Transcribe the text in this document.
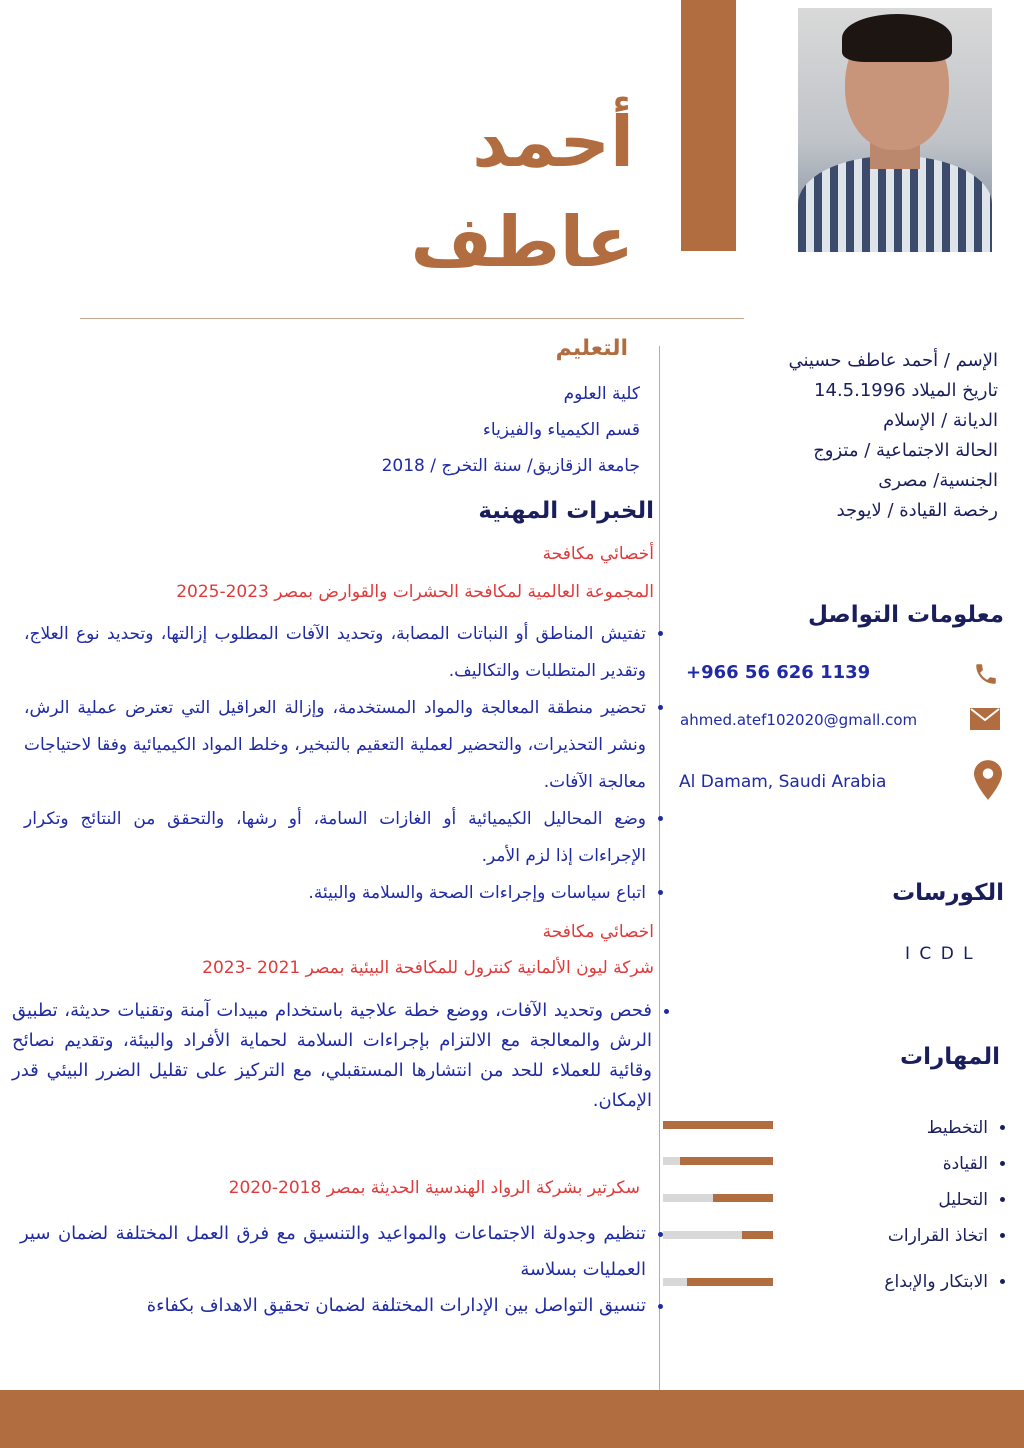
أحمد عاطف
الإسم / أحمد عاطف حسيني
تاريخ الميلاد 14.5.1996
الديانة / الإسلام
الحالة الاجتماعية / متزوج
الجنسية/ مصرى
رخصة القيادة / لايوجد
معلومات التواصل
+966 56 626 1139
ahmed.atef102020@gmall.com
Al Damam, Saudi Arabia
الكورسات
I C D L
المهارات
• التخطيط
• القيادة
• التحليل
• اتخاذ القرارات
• الابتكار والإبداع
التعليم
كلية العلوم
قسم الكيمياء والفيزياء
جامعة الزقازيق/ سنة التخرج / 2018
الخبرات المهنية
أخصائي مكافحة
المجموعة العالمية لمكافحة الحشرات والقوارض بمصر 2023-2025
• تفتيش المناطق أو النباتات المصابة، وتحديد الآفات المطلوب إزالتها، وتحديد نوع العلاج، وتقدير المتطلبات والتكاليف.
• تحضير منطقة المعالجة والمواد المستخدمة، وإزالة العراقيل التي تعترض عملية الرش، ونشر التحذيرات، والتحضير لعملية التعقيم بالتبخير، وخلط المواد الكيميائية وفقا لاحتياجات معالجة الآفات.
• وضع المحاليل الكيميائية أو الغازات السامة، أو رشها، والتحقق من النتائج وتكرار الإجراءات إذا لزم الأمر.
• اتباع سياسات وإجراءات الصحة والسلامة والبيئة.
اخصائي مكافحة
شركة ليون الألمانية كنترول للمكافحة البيئية بمصر 2021 -2023
• فحص وتحديد الآفات، ووضع خطة علاجية باستخدام مبيدات آمنة وتقنيات حديثة، تطبيق الرش والمعالجة مع الالتزام بإجراءات السلامة لحماية الأفراد والبيئة، وتقديم نصائح وقائية للعملاء للحد من انتشارها المستقبلي، مع التركيز على تقليل الضرر البيئي قدر الإمكان.
سكرتير بشركة الرواد الهندسية الحديثة بمصر 2018-2020
• تنظيم وجدولة الاجتماعات والمواعيد والتنسيق مع فرق العمل المختلفة لضمان سير العمليات بسلاسة
• تنسيق التواصل بين الإدارات المختلفة لضمان تحقيق الاهداف بكفاءة
